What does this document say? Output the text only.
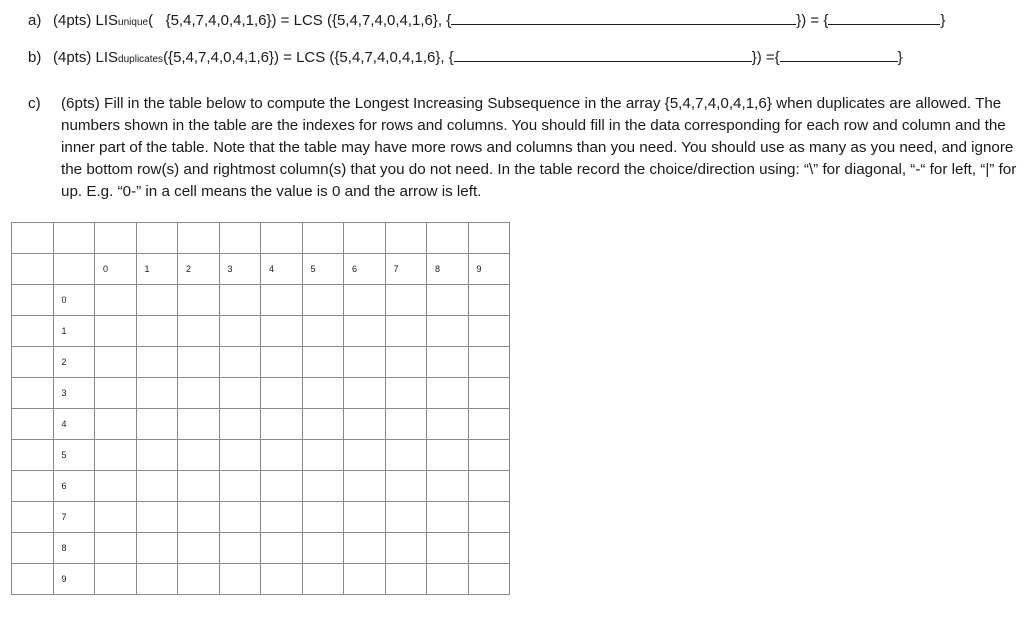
a) (4pts) LISunique(   {5,4,7,4,0,4,1,6}) = LCS ({5,4,7,4,0,4,1,6}, {	}) = {	}
b) (4pts) LISduplicates({5,4,7,4,0,4,1,6}) = LCS ({5,4,7,4,0,4,1,6}, {	}) ={	}
c) (6pts) Fill in the table below to compute the Longest Increasing Subsequence in the array {5,4,7,4,0,4,1,6} when duplicates are allowed. The numbers shown in the table are the indexes for rows and columns. You should fill in the data corresponding for each row and column and the inner part of the table. Note that the table may have more rows and columns than you need. You should use as many as you need, and ignore the bottom row(s) and rightmost column(s) that you do not need. In the table record the choice/direction using: “\” for diagonal, “-“ for left, “|” for up. E.g. “0-” in a cell means the value is 0 and the arrow is left.

		0	1	2	3	4	5	6	7	8	9
	0										
	1										
	2										
	3										
	4										
	5										
	6										
	7										
	8										
	9										
